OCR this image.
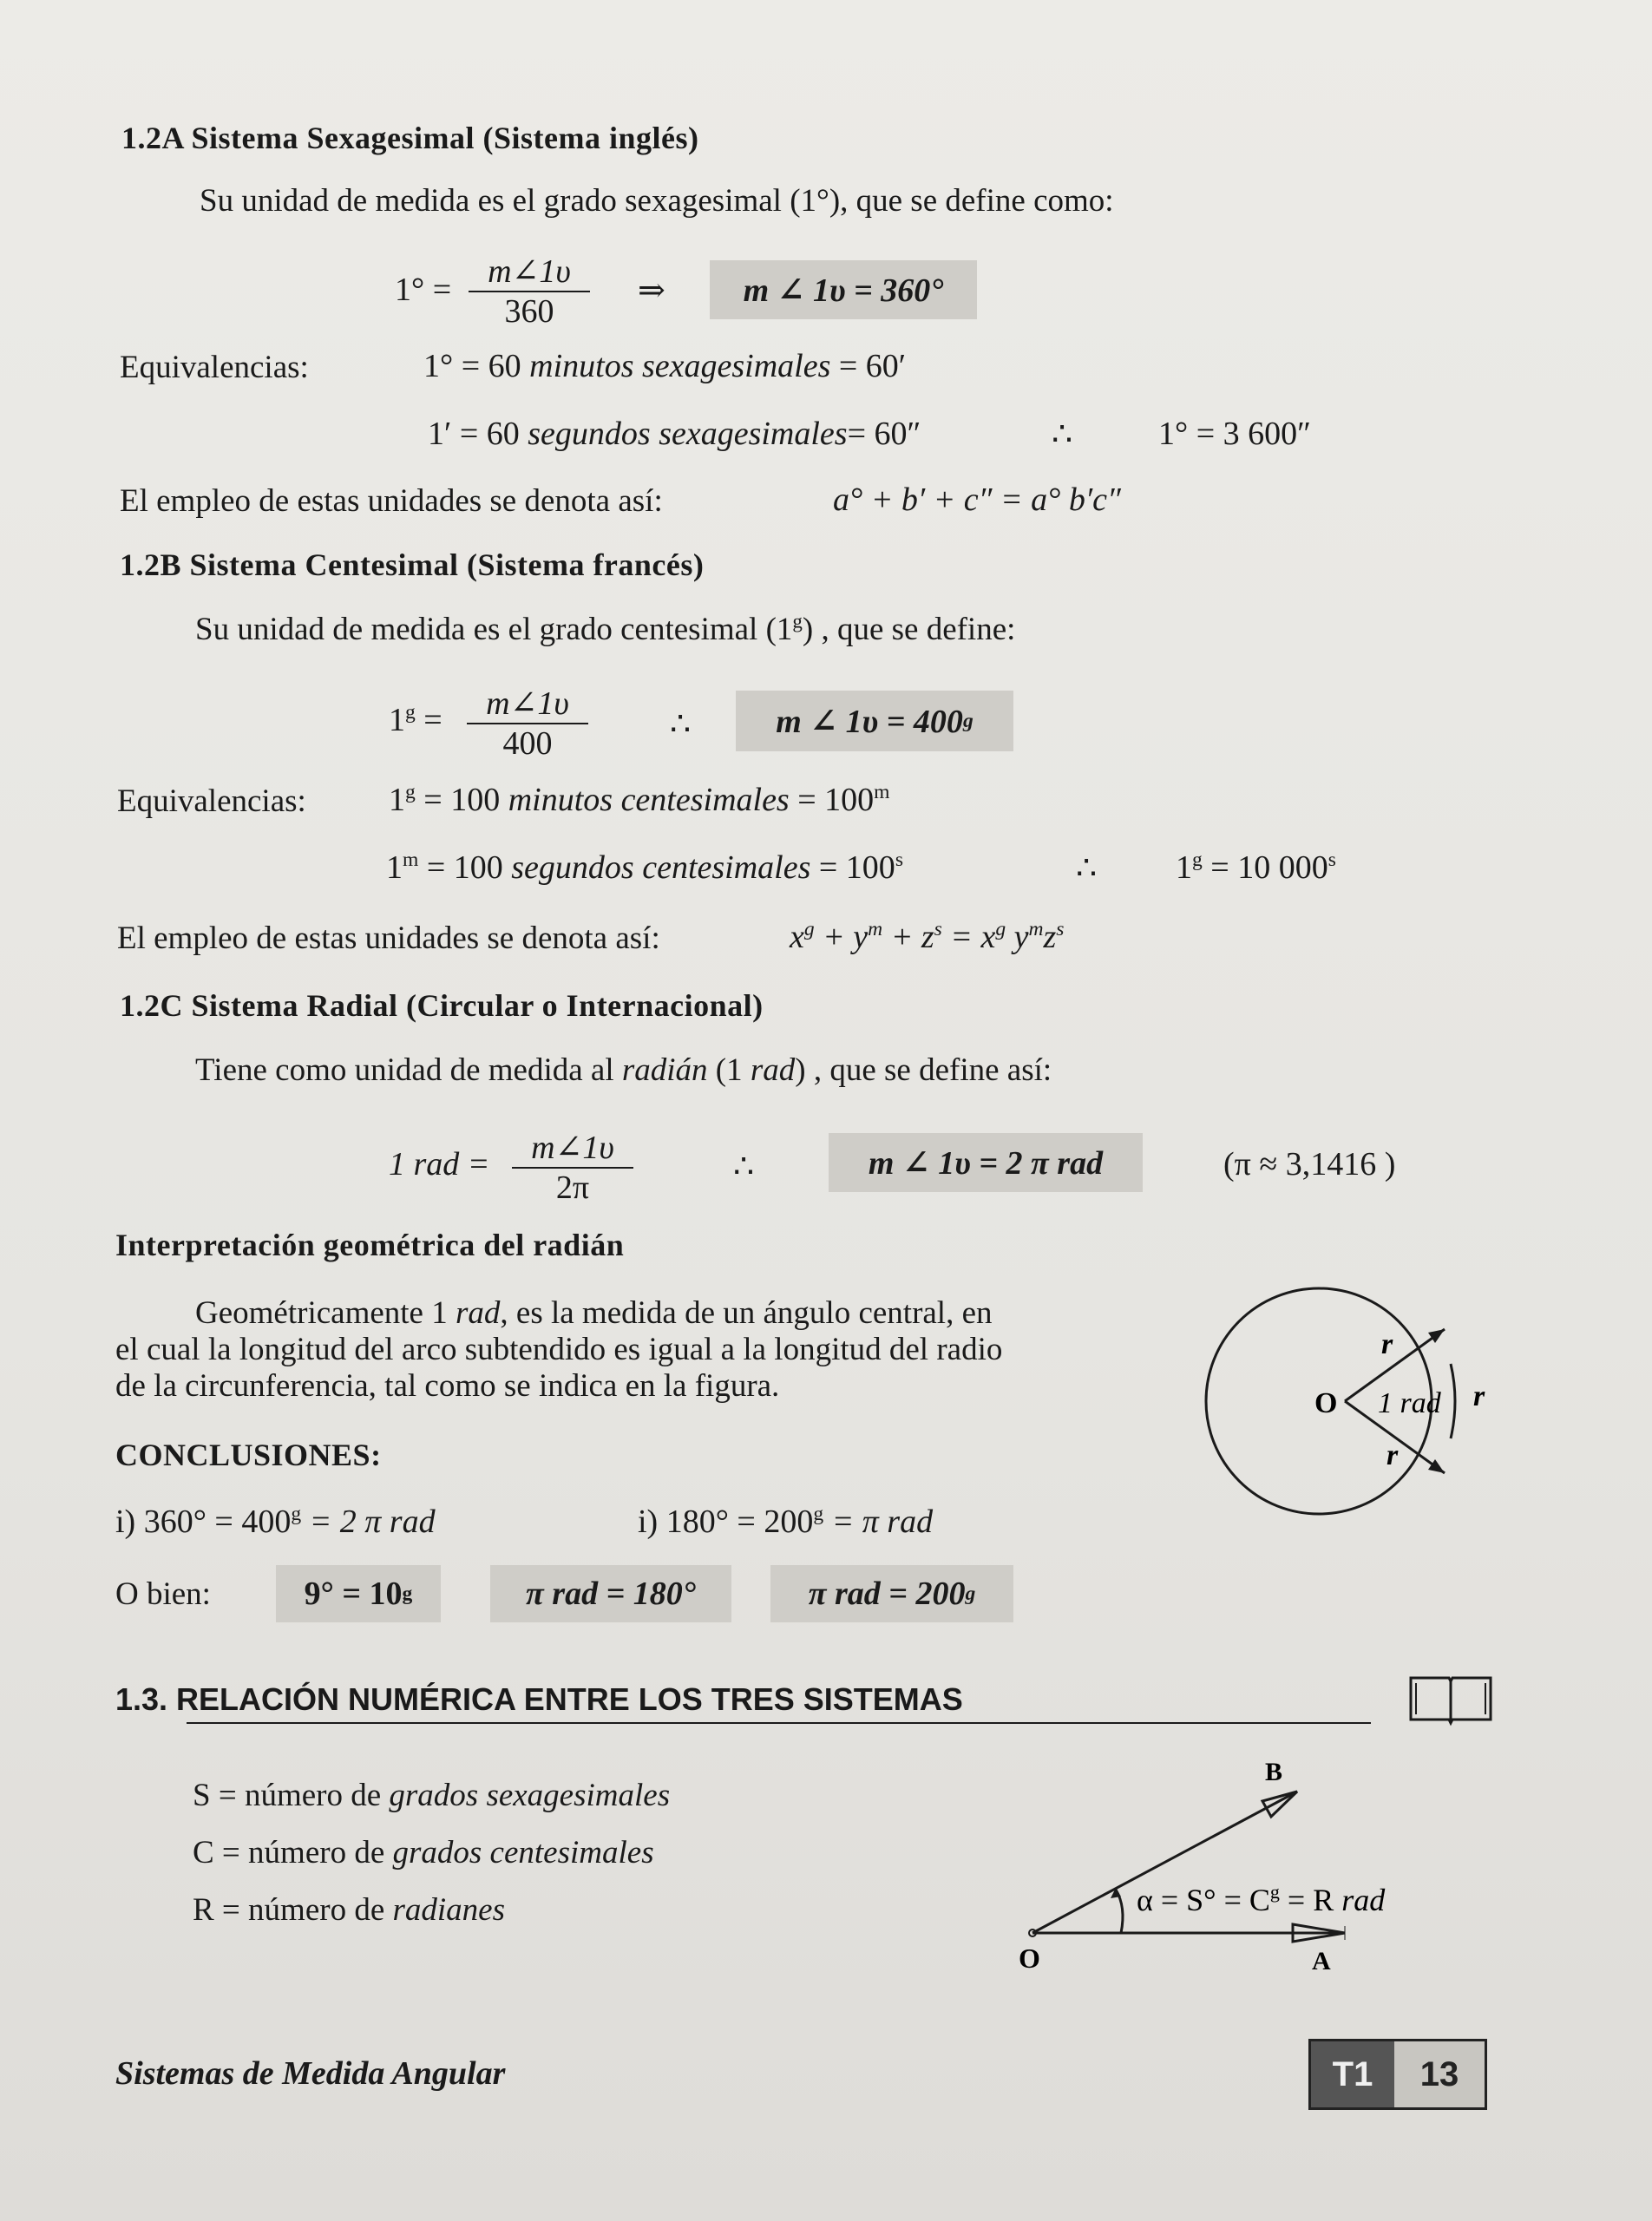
1.2A Sistema Sexagesimal (Sistema inglés)
Su unidad de medida es el grado sexagesimal (1°), que se define como:
$1^\circ = \frac{m\angle 1\upsilon}{360}$ ⇒	m ∠ 1υ = 360°
Equivalencias:	1° = 60 minutos sexagesimales = 60′
1′ = 60 segundos sexagesimales= 60″	∴	1° = 3 600″
El empleo de estas unidades se denota así:	a° + b′ + c″ = a° b′c″
1.2B Sistema Centesimal (Sistema francés)
Su unidad de medida es el grado centesimal (1$^g$) , que se define:
$1^g = \frac{m\angle 1\upsilon}{400}$ ∴	m ∠ 1υ = 400 g
Equivalencias:	$1^g = 100$ minutos centesimales = $100^m$
$1^m = 100$ segundos centesimales = $100^s$	∴ $1^g = 10$ 000$^s$
El empleo de estas unidades se denota así:	$x^g + y^m + z^s = x^g$ $y^mz^s$
1.2C Sistema Radial (Circular o Internacional)
Tiene como unidad de medida al radián (1 rad) , que se define así:
1 rad = $\frac{m\angle 1\upsilon}{2\pi}$	∴	m ∠ 1υ = 2 π rad	(π ≈ 3,1416 )
Interpretación geométrica del radián
Geométricamente 1 rad, es la medida de un ángulo central, en
el cual la longitud del arco subtendido es igual a la longitud del radio
de la circunferencia, tal como se indica en la figura.	O
r
r
r
1 rad
CONCLUSIONES:
i) $360^\circ = 400^g = 2$ π rad	i) $180^\circ = 200^g = \pi$ rad
O bien:	9° = 10 g	π rad = 180°	π rad = 200 g
1.3. RELACIÓN NUMÉRICA ENTRE LOS TRES SISTEMAS
S = número de grados sexagesimales
C = número de grados centesimales
R = número de radianes
B
O	A
$\alpha = S^\circ = C^g = R$ rad
Sistemas de Medida Angular	T1	13
